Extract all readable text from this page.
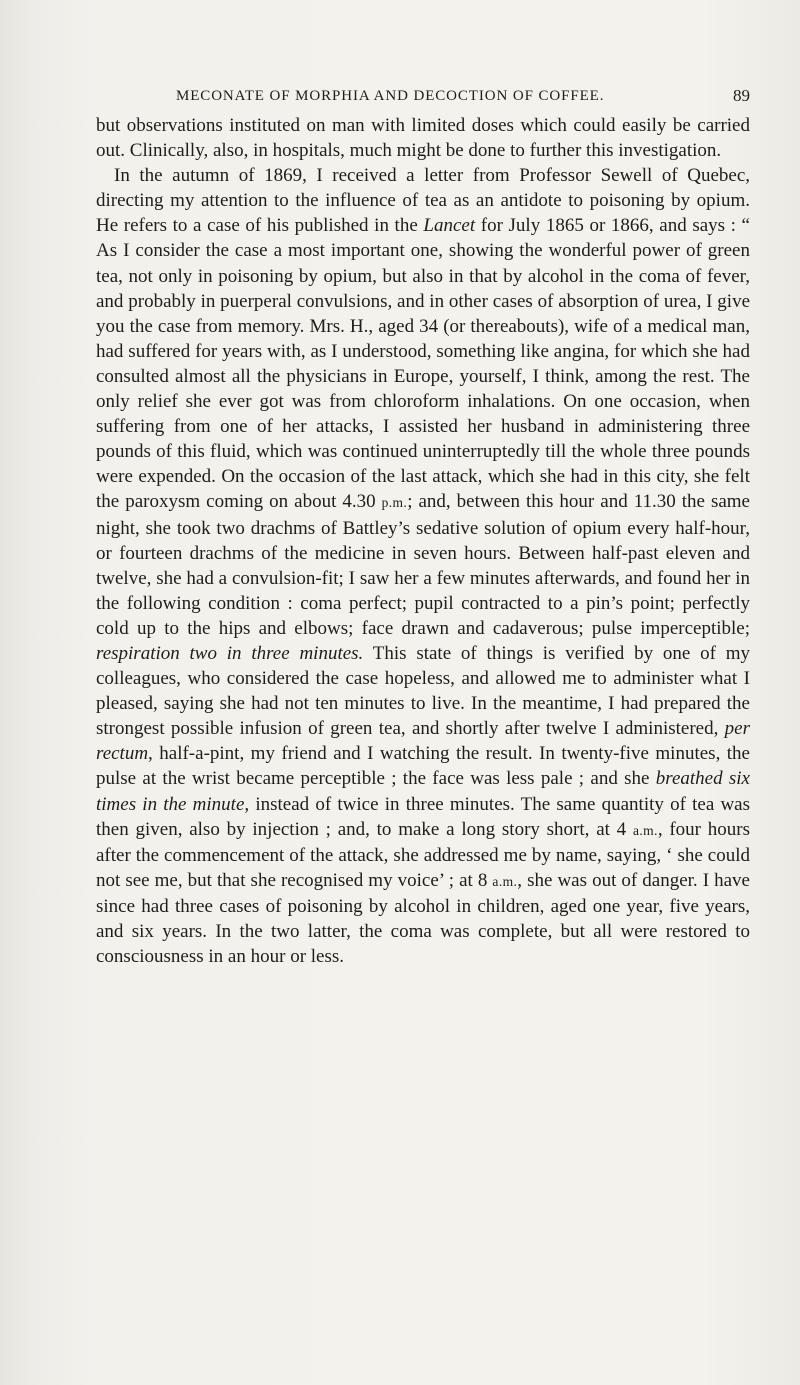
MECONATE OF MORPHIA AND DECOCTION OF COFFEE.	89

but observations instituted on man with limited doses which could easily be carried out. Clinically, also, in hospitals, much might be done to further this investigation.

In the autumn of 1869, I received a letter from Professor Sewell of Quebec, directing my attention to the influence of tea as an antidote to poisoning by opium. He refers to a case of his published in the Lancet for July 1865 or 1866, and says : “ As I consider the case a most important one, showing the wonderful power of green tea, not only in poisoning by opium, but also in that by alcohol in the coma of fever, and probably in puerperal convulsions, and in other cases of absorption of urea, I give you the case from memory. Mrs. H., aged 34 (or thereabouts), wife of a medical man, had suffered for years with, as I understood, something like angina, for which she had consulted almost all the physicians in Europe, yourself, I think, among the rest. The only relief she ever got was from chloroform inhalations. On one occasion, when suffering from one of her attacks, I assisted her husband in administering three pounds of this fluid, which was continued uninterruptedly till the whole three pounds were expended. On the occasion of the last attack, which she had in this city, she felt the paroxysm coming on about 4.30 p.m.; and, between this hour and 11.30 the same night, she took two drachms of Battley’s sedative solution of opium every half-hour, or fourteen drachms of the medicine in seven hours. Between half-past eleven and twelve, she had a convulsion-fit; I saw her a few minutes afterwards, and found her in the following condition : coma perfect; pupil contracted to a pin’s point; perfectly cold up to the hips and elbows; face drawn and cadaverous; pulse imperceptible; respiration two in three minutes. This state of things is verified by one of my colleagues, who considered the case hopeless, and allowed me to administer what I pleased, saying she had not ten minutes to live. In the meantime, I had prepared the strongest possible infusion of green tea, and shortly after twelve I administered, per rectum, half-a-pint, my friend and I watching the result. In twenty-five minutes, the pulse at the wrist became perceptible ; the face was less pale ; and she breathed six times in the minute, instead of twice in three minutes. The same quantity of tea was then given, also by injection ; and, to make a long story short, at 4 a.m., four hours after the commencement of the attack, she addressed me by name, saying, ‘ she could not see me, but that she recognised my voice’ ; at 8 a.m., she was out of danger. I have since had three cases of poisoning by alcohol in children, aged one year, five years, and six years. In the two latter, the coma was complete, but all were restored to consciousness in an hour or less.
